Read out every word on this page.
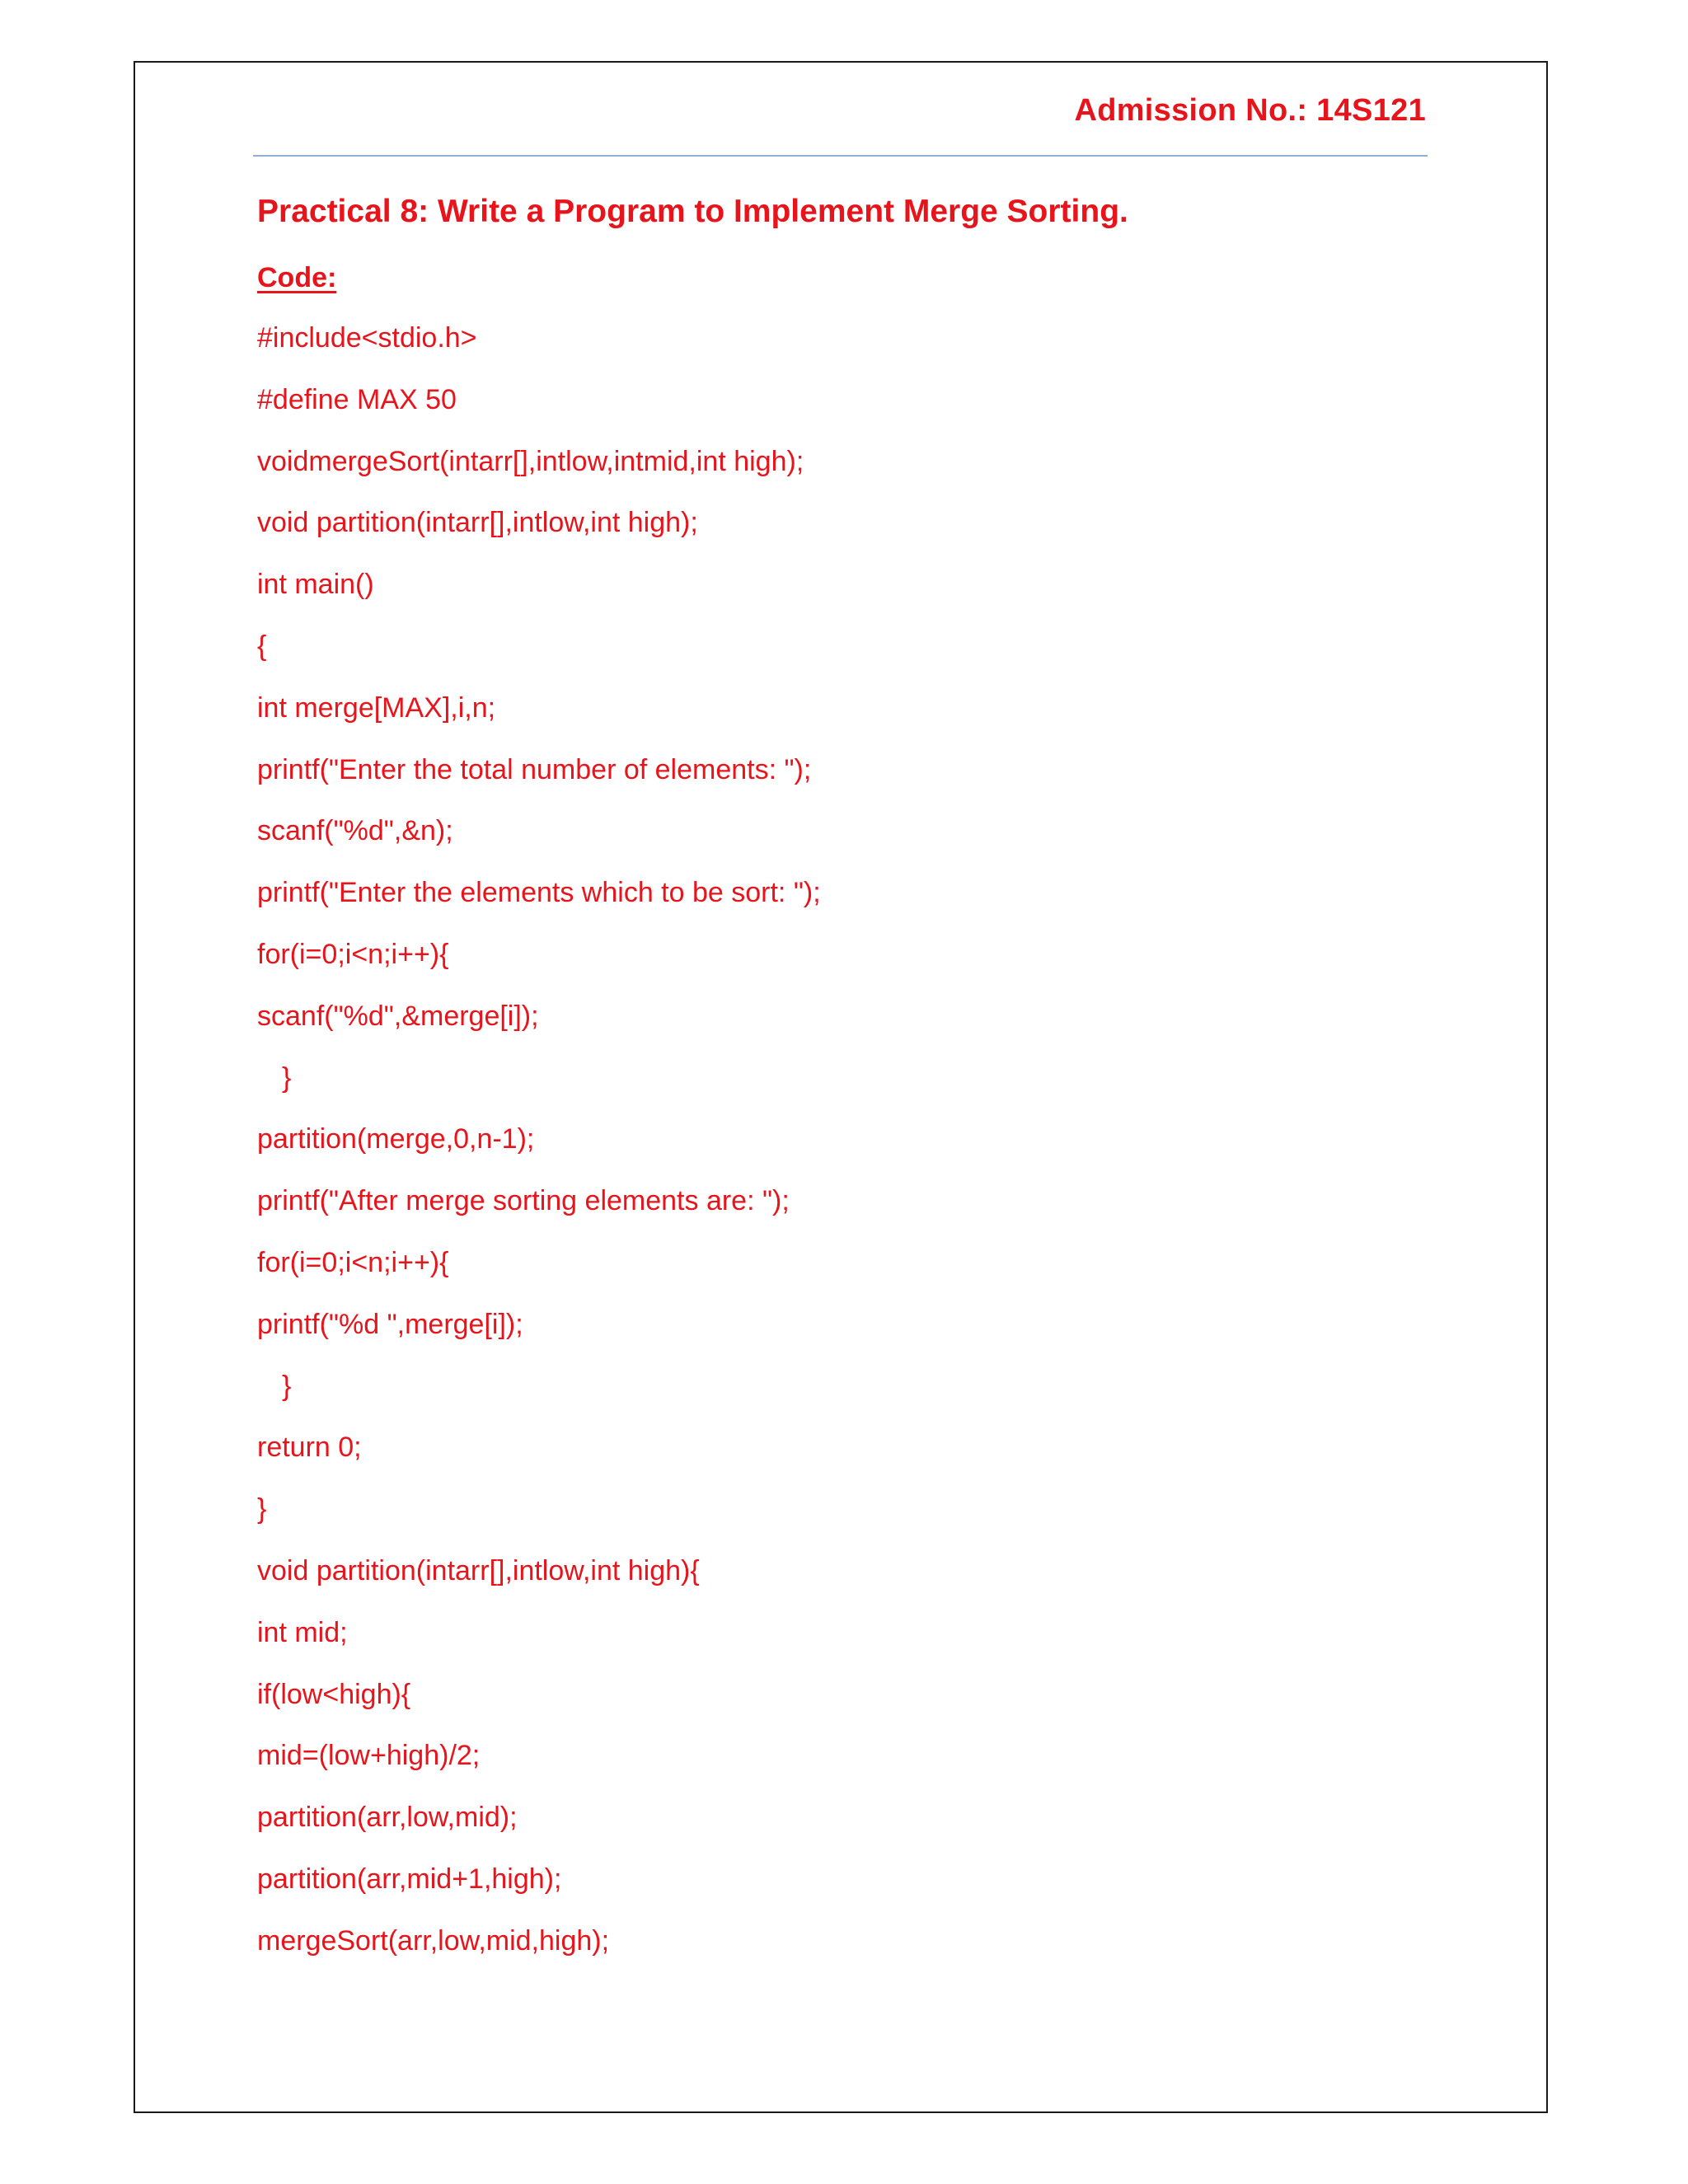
Admission No.: 14S121
Practical 8: Write a Program to Implement Merge Sorting.
Code:
#include<stdio.h>
#define MAX 50
voidmergeSort(intarr[],intlow,intmid,int high);
void partition(intarr[],intlow,int high);
int main()
{
int merge[MAX],i,n;
printf("Enter the total number of elements: ");
scanf("%d",&n);
printf("Enter the elements which to be sort: ");
for(i=0;i<n;i++){
scanf("%d",&merge[i]);
}
partition(merge,0,n-1);
printf("After merge sorting elements are: ");
for(i=0;i<n;i++){
printf("%d ",merge[i]);
}
return 0;
}
void partition(intarr[],intlow,int high){
int mid;
if(low<high){
mid=(low+high)/2;
partition(arr,low,mid);
partition(arr,mid+1,high);
mergeSort(arr,low,mid,high);
